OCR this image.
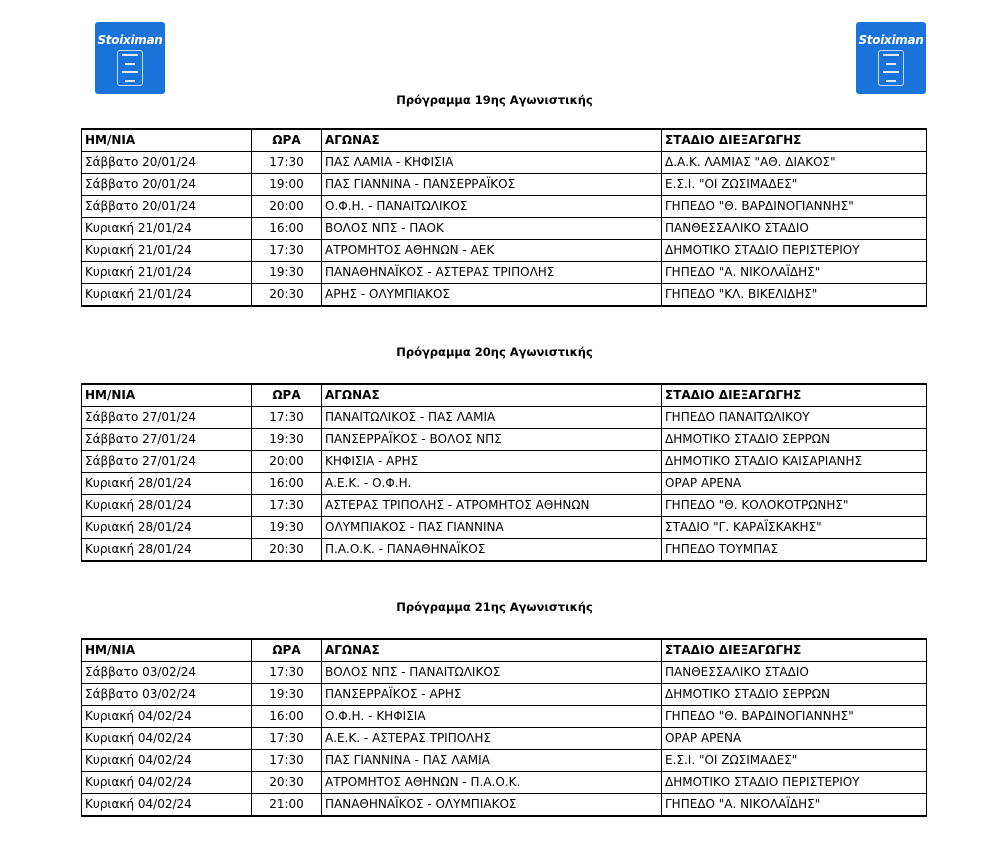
Stoiximan	Stoiximan
Πρόγραμμα 19ης Αγωνιστικής
ΗΜ/ΝΙΑ	ΩΡΑ	ΑΓΩΝΑΣ	ΣΤΑΔΙΟ ΔΙΕΞΑΓΩΓΗΣ
Σάββατο 20/01/24	17:30	ΠΑΣ ΛΑΜΙΑ - ΚΗΦΙΣΙΑ	Δ.Α.Κ. ΛΑΜΙΑΣ "ΑΘ. ΔΙΑΚΟΣ"
Σάββατο 20/01/24	19:00	ΠΑΣ ΓΙΑΝΝΙΝΑ - ΠΑΝΣΕΡΡΑΪΚΟΣ	Ε.Σ.Ι. "ΟΙ ΖΩΣΙΜΑΔΕΣ"
Σάββατο 20/01/24	20:00	Ο.Φ.Η. - ΠΑΝΑΙΤΩΛΙΚΟΣ	ΓΗΠΕΔΟ "Θ. ΒΑΡΔΙΝΟΓΙΑΝΝΗΣ"
Κυριακή 21/01/24	16:00	ΒΟΛΟΣ ΝΠΣ - ΠΑΟΚ	ΠΑΝΘΕΣΣΑΛΙΚΟ ΣΤΑΔΙΟ
Κυριακή 21/01/24	17:30	ΑΤΡΟΜΗΤΟΣ ΑΘΗΝΩΝ - ΑΕΚ	ΔΗΜΟΤΙΚΟ ΣΤΑΔΙΟ ΠΕΡΙΣΤΕΡΙΟΥ
Κυριακή 21/01/24	19:30	ΠΑΝΑΘΗΝΑΪΚΟΣ - ΑΣΤΕΡΑΣ ΤΡΙΠΟΛΗΣ	ΓΗΠΕΔΟ "Α. ΝΙΚΟΛΑΪΔΗΣ"
Κυριακή 21/01/24	20:30	ΑΡΗΣ - ΟΛΥΜΠΙΑΚΟΣ	ΓΗΠΕΔΟ "ΚΛ. ΒΙΚΕΛΙΔΗΣ"
Πρόγραμμα 20ης Αγωνιστικής
ΗΜ/ΝΙΑ	ΩΡΑ	ΑΓΩΝΑΣ	ΣΤΑΔΙΟ ΔΙΕΞΑΓΩΓΗΣ
Σάββατο 27/01/24	17:30	ΠΑΝΑΙΤΩΛΙΚΟΣ - ΠΑΣ ΛΑΜΙΑ	ΓΗΠΕΔΟ ΠΑΝΑΙΤΩΛΙΚΟΥ
Σάββατο 27/01/24	19:30	ΠΑΝΣΕΡΡΑΪΚΟΣ - ΒΟΛΟΣ ΝΠΣ	ΔΗΜΟΤΙΚΟ ΣΤΑΔΙΟ ΣΕΡΡΩΝ
Σάββατο 27/01/24	20:00	ΚΗΦΙΣΙΑ - ΑΡΗΣ	ΔΗΜΟΤΙΚΟ ΣΤΑΔΙΟ ΚΑΙΣΑΡΙΑΝΗΣ
Κυριακή 28/01/24	16:00	Α.Ε.Κ. - Ο.Φ.Η.	ΟΡΑΡ ΑΡΕΝΑ
Κυριακή 28/01/24	17:30	ΑΣΤΕΡΑΣ ΤΡΙΠΟΛΗΣ - ΑΤΡΟΜΗΤΟΣ ΑΘΗΝΩΝ	ΓΗΠΕΔΟ "Θ. ΚΟΛΟΚΟΤΡΩΝΗΣ"
Κυριακή 28/01/24	19:30	ΟΛΥΜΠΙΑΚΟΣ - ΠΑΣ ΓΙΑΝΝΙΝΑ	ΣΤΑΔΙΟ "Γ. ΚΑΡΑΪΣΚΑΚΗΣ"
Κυριακή 28/01/24	20:30	Π.Α.Ο.Κ. - ΠΑΝΑΘΗΝΑΪΚΟΣ	ΓΗΠΕΔΟ ΤΟΥΜΠΑΣ
Πρόγραμμα 21ης Αγωνιστικής
ΗΜ/ΝΙΑ	ΩΡΑ	ΑΓΩΝΑΣ	ΣΤΑΔΙΟ ΔΙΕΞΑΓΩΓΗΣ
Σάββατο 03/02/24	17:30	ΒΟΛΟΣ ΝΠΣ - ΠΑΝΑΙΤΩΛΙΚΟΣ	ΠΑΝΘΕΣΣΑΛΙΚΟ ΣΤΑΔΙΟ
Σάββατο 03/02/24	19:30	ΠΑΝΣΕΡΡΑΪΚΟΣ - ΑΡΗΣ	ΔΗΜΟΤΙΚΟ ΣΤΑΔΙΟ ΣΕΡΡΩΝ
Κυριακή 04/02/24	16:00	Ο.Φ.Η. - ΚΗΦΙΣΙΑ	ΓΗΠΕΔΟ "Θ. ΒΑΡΔΙΝΟΓΙΑΝΝΗΣ"
Κυριακή 04/02/24	17:30	Α.Ε.Κ. - ΑΣΤΕΡΑΣ ΤΡΙΠΟΛΗΣ	ΟΡΑΡ ΑΡΕΝΑ
Κυριακή 04/02/24	17:30	ΠΑΣ ΓΙΑΝΝΙΝΑ - ΠΑΣ ΛΑΜΙΑ	Ε.Σ.Ι. "ΟΙ ΖΩΣΙΜΑΔΕΣ"
Κυριακή 04/02/24	20:30	ΑΤΡΟΜΗΤΟΣ ΑΘΗΝΩΝ - Π.Α.Ο.Κ.	ΔΗΜΟΤΙΚΟ ΣΤΑΔΙΟ ΠΕΡΙΣΤΕΡΙΟΥ
Κυριακή 04/02/24	21:00	ΠΑΝΑΘΗΝΑΪΚΟΣ - ΟΛΥΜΠΙΑΚΟΣ	ΓΗΠΕΔΟ "Α. ΝΙΚΟΛΑΪΔΗΣ"
